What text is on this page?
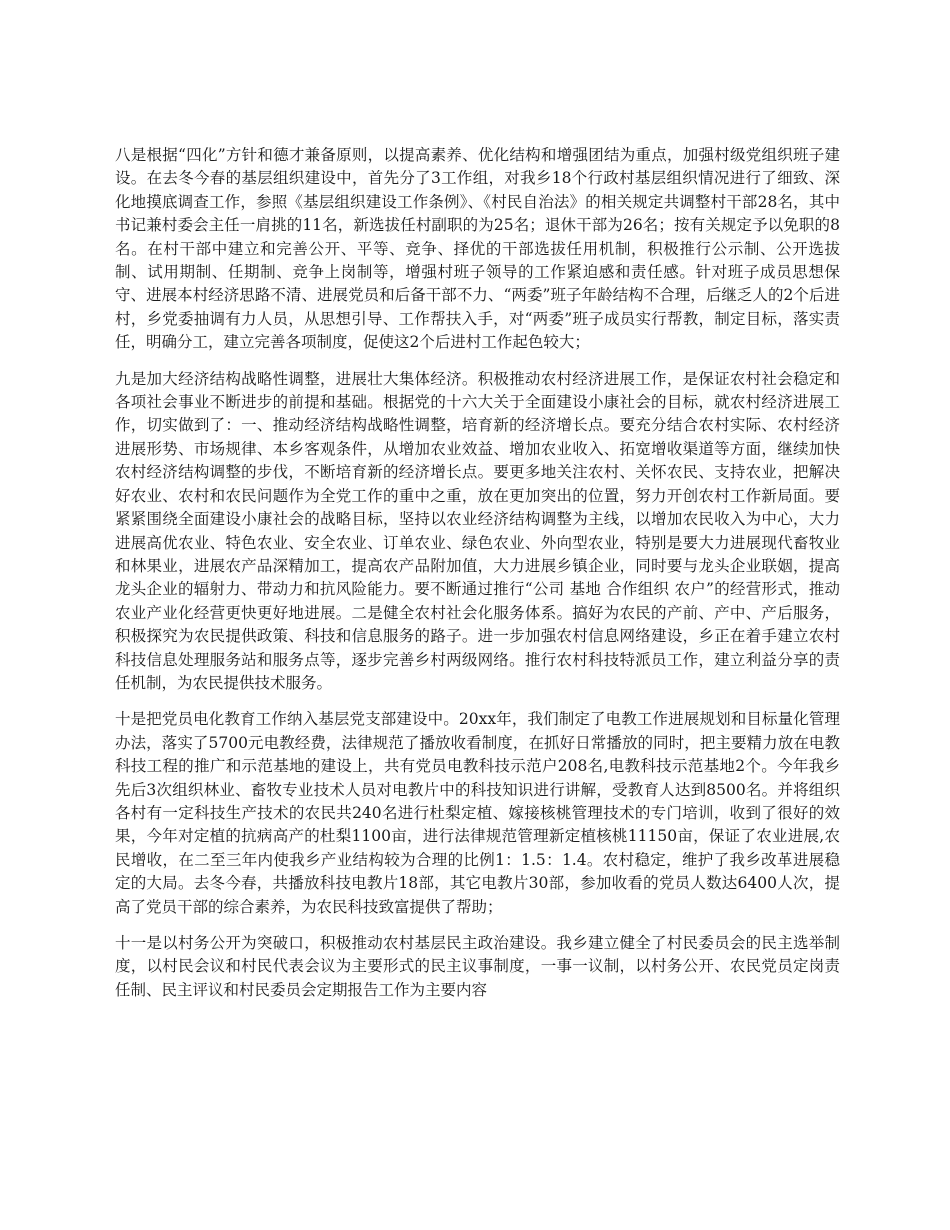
八是根据“四化”方针和德才兼备原则，以提高素养、优化结构和增强团结为重点，加强村级党组织班子建设。在去冬今春的基层组织建设中，首先分了3工作组，对我乡18个行政村基层组织情况进行了细致、深化地摸底调查工作，参照《基层组织建设工作条例》、《村民自治法》的相关规定共调整村干部28名，其中书记兼村委会主任一肩挑的11名，新选拔任村副职的为25名；退休干部为26名；按有关规定予以免职的8名。在村干部中建立和完善公开、平等、竞争、择优的干部选拔任用机制，积极推行公示制、公开选拔制、试用期制、任期制、竞争上岗制等，增强村班子领导的工作紧迫感和责任感。针对班子成员思想保守、进展本村经济思路不清、进展党员和后备干部不力、“两委”班子年龄结构不合理，后继乏人的2个后进村，乡党委抽调有力人员，从思想引导、工作帮扶入手，对“两委”班子成员实行帮教，制定目标，落实责任，明确分工，建立完善各项制度，促使这2个后进村工作起色较大；

九是加大经济结构战略性调整，进展壮大集体经济。积极推动农村经济进展工作，是保证农村社会稳定和各项社会事业不断进步的前提和基础。根据党的十六大关于全面建设小康社会的目标，就农村经济进展工作，切实做到了：一、推动经济结构战略性调整，培育新的经济增长点。要充分结合农村实际、农村经济进展形势、市场规律、本乡客观条件，从增加农业效益、增加农业收入、拓宽增收渠道等方面，继续加快农村经济结构调整的步伐，不断培育新的经济增长点。要更多地关注农村、关怀农民、支持农业，把解决好农业、农村和农民问题作为全党工作的重中之重，放在更加突出的位置，努力开创农村工作新局面。要紧紧围绕全面建设小康社会的战略目标，坚持以农业经济结构调整为主线，以增加农民收入为中心，大力进展高优农业、特色农业、安全农业、订单农业、绿色农业、外向型农业，特别是要大力进展现代畜牧业和林果业，进展农产品深精加工，提高农产品附加值，大力进展乡镇企业，同时要与龙头企业联姻，提高龙头企业的辐射力、带动力和抗风险能力。要不断通过推行“公司 基地 合作组织 农户”的经营形式，推动农业产业化经营更快更好地进展。二是健全农村社会化服务体系。搞好为农民的产前、产中、产后服务，积极探究为农民提供政策、科技和信息服务的路子。进一步加强农村信息网络建设，乡正在着手建立农村科技信息处理服务站和服务点等，逐步完善乡村两级网络。推行农村科技特派员工作，建立利益分享的责任机制，为农民提供技术服务。

十是把党员电化教育工作纳入基层党支部建设中。20xx年，我们制定了电教工作进展规划和目标量化管理办法，落实了5700元电教经费，法律规范了播放收看制度，在抓好日常播放的同时，把主要精力放在电教科技工程的推广和示范基地的建设上，共有党员电教科技示范户208名,电教科技示范基地2个。今年我乡先后3次组织林业、畜牧专业技术人员对电教片中的科技知识进行讲解，受教育人达到8500名。并将组织各村有一定科技生产技术的农民共240名进行杜梨定植、嫁接核桃管理技术的专门培训，收到了很好的效果，今年对定植的抗病高产的杜梨1100亩，进行法律规范管理新定植核桃11150亩，保证了农业进展,农民增收，在二至三年内使我乡产业结构较为合理的比例1：1.5：1.4。农村稳定，维护了我乡改革进展稳定的大局。去冬今春，共播放科技电教片18部，其它电教片30部，参加收看的党员人数达6400人次，提高了党员干部的综合素养，为农民科技致富提供了帮助；

十一是以村务公开为突破口，积极推动农村基层民主政治建设。我乡建立健全了村民委员会的民主选举制度，以村民会议和村民代表会议为主要形式的民主议事制度，一事一议制，以村务公开、农民党员定岗责任制、民主评议和村民委员会定期报告工作为主要内容
